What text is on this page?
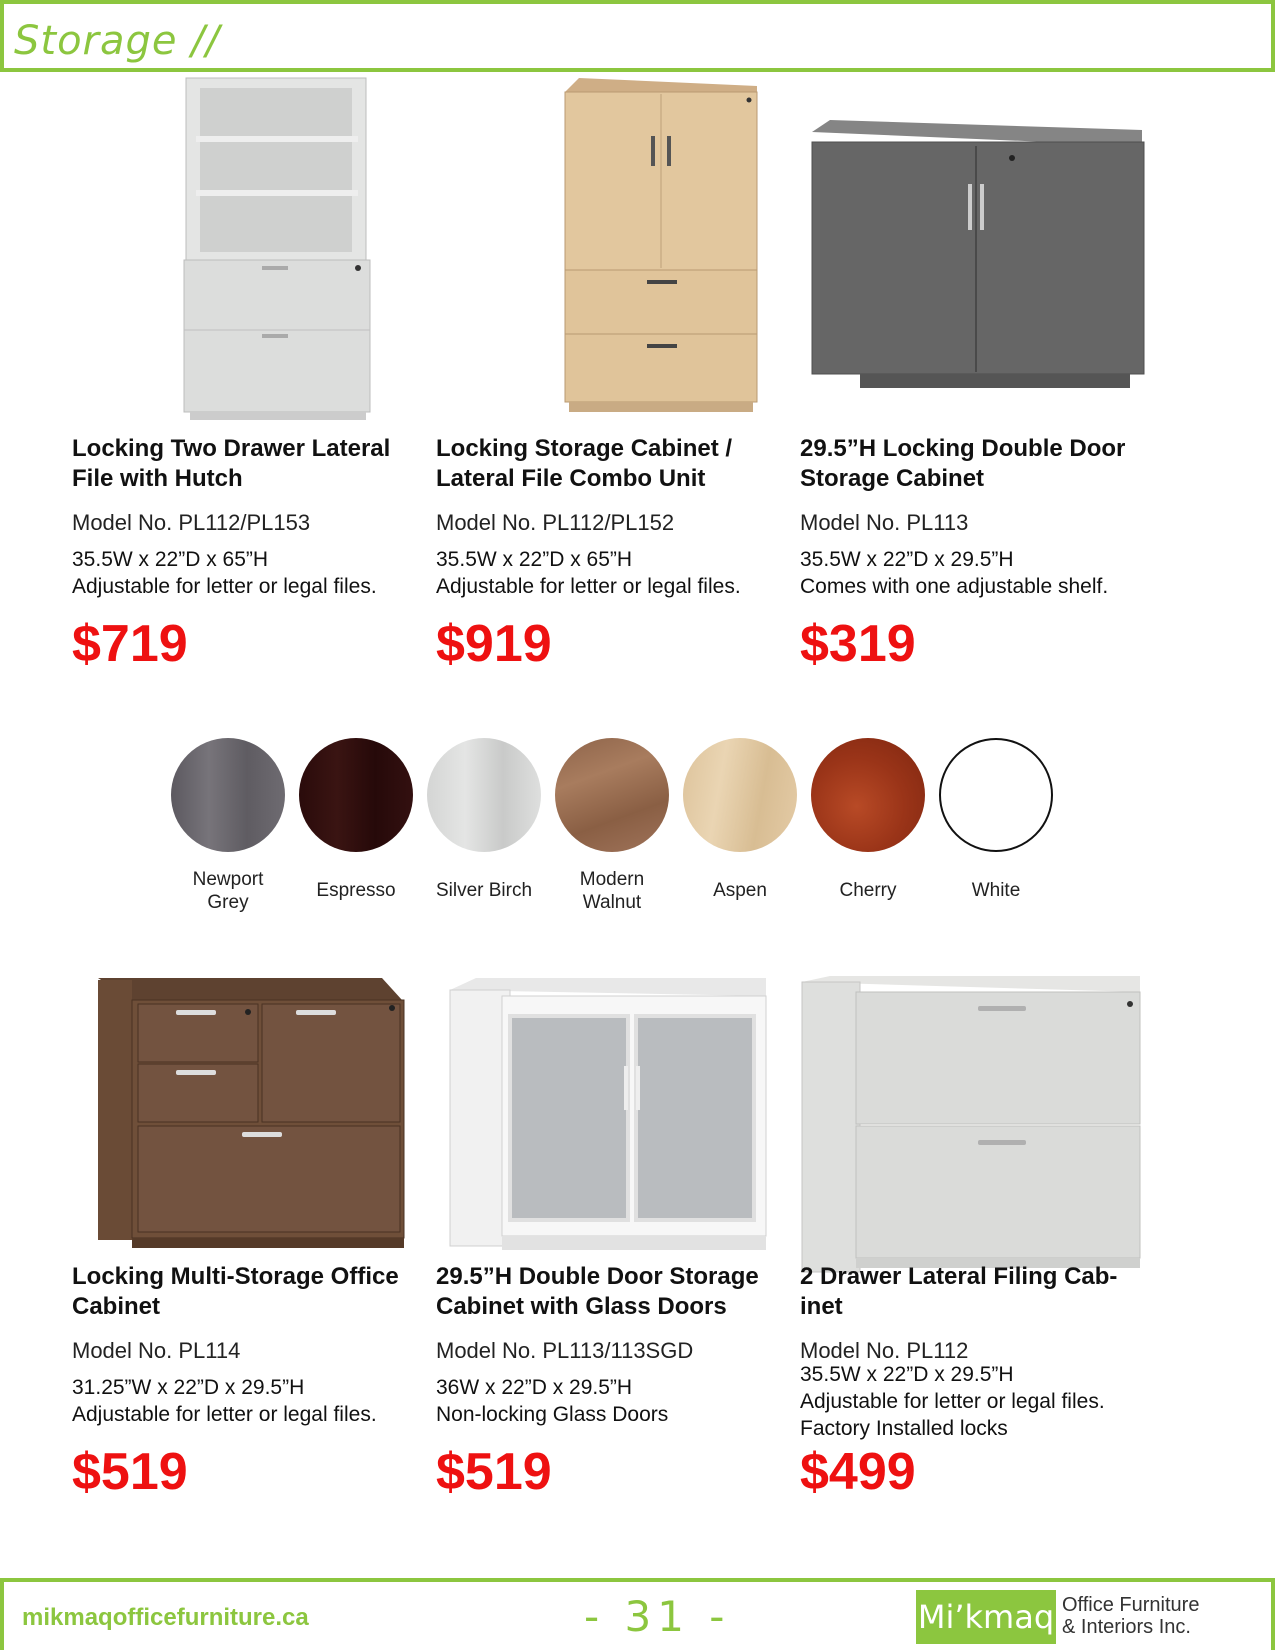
Storage //
Locking Two Drawer Lateral
File with Hutch
Model No. PL112/PL153
35.5W x 22”D x 65”H
Adjustable for letter or legal files.
$719
Locking Storage Cabinet /
Lateral File Combo Unit
Model No. PL112/PL152
35.5W x 22”D x 65”H
Adjustable for letter or legal files.
$919
29.5”H Locking Double Door
Storage Cabinet
Model No. PL113
35.5W x 22”D x 29.5”H
Comes with one adjustable shelf.
$319
Newport
Grey
Espresso	Silver Birch
Modern
Walnut
Aspen	Cherry	White
Locking Multi-Storage Office
Cabinet
Model No. PL114
31.25”W x 22”D x 29.5”H
Adjustable for letter or legal files.
$519
29.5”H Double Door Storage
Cabinet with Glass Doors
Model No. PL113/113SGD
36W x 22”D x 29.5”H
Non-locking Glass Doors
$519
2 Drawer Lateral Filing Cab-
inet
Model No. PL112
35.5W x 22”D x 29.5”H
Adjustable for letter or legal files.
Factory Installed locks
$499
mikmaqofficefurniture.ca	- 31 -	Mi’kmaq Office Furniture
& Interiors Inc.
